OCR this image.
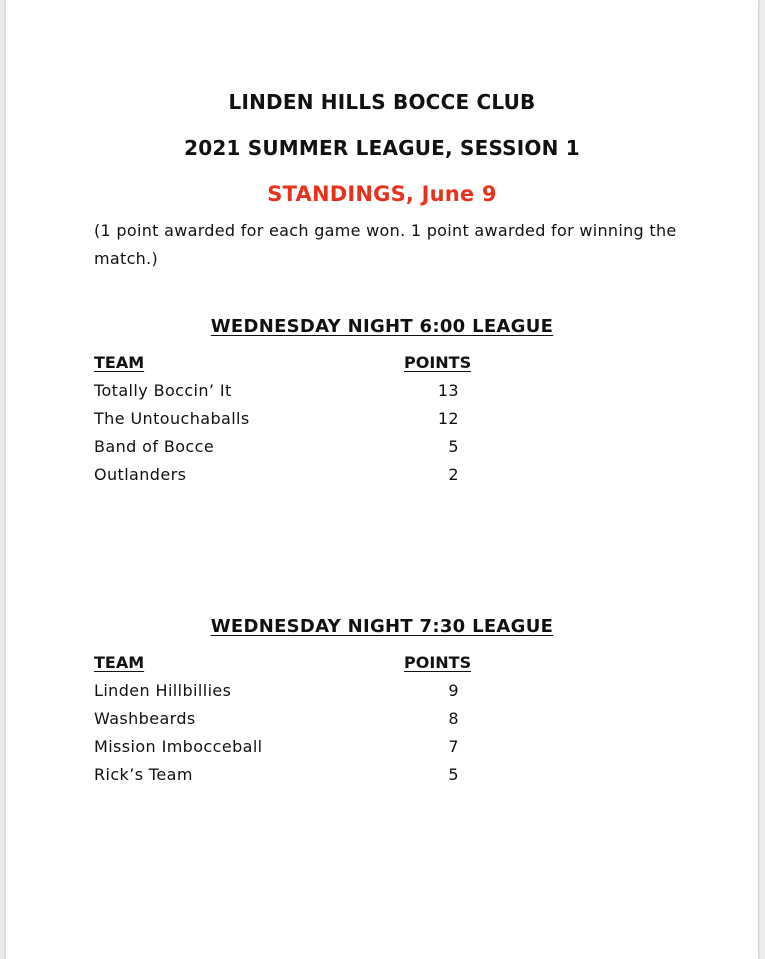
LINDEN HILLS BOCCE CLUB
2021 SUMMER LEAGUE, SESSION 1
STANDINGS, June 9
(1 point awarded for each game won. 1 point awarded for winning the match.)
WEDNESDAY NIGHT 6:00 LEAGUE
TEAM	POINTS
Totally Boccin’ It	13
The Untouchaballs	12
Band of Bocce	5
Outlanders	2
WEDNESDAY NIGHT 7:30 LEAGUE
TEAM	POINTS
Linden Hillbillies	9
Washbeards	8
Mission Imbocceball	7
Rick’s Team	5
